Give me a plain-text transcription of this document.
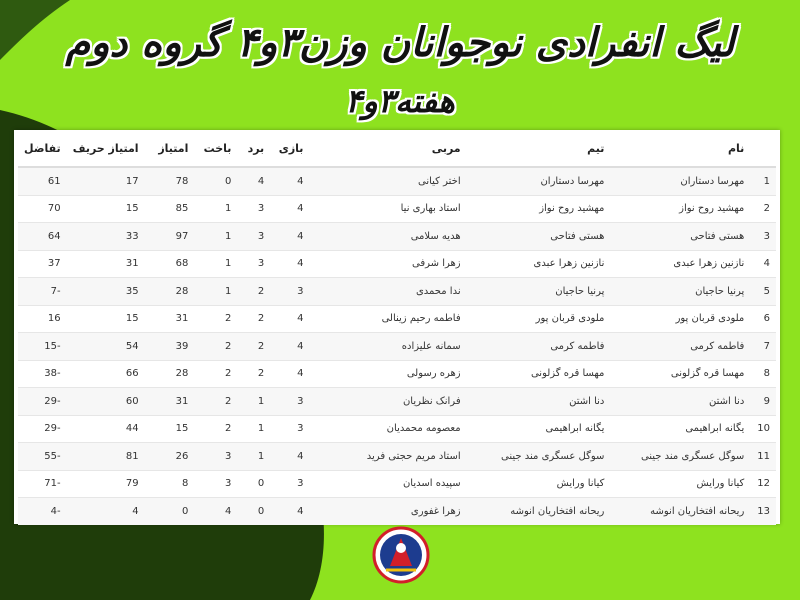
لیگ انفرادی نوجوانان وزن۳و۴ گروه دوم
هفته۳و۴
	نام	تیم	مربی	بازی	برد	باخت	امتیاز	امتیاز حریف	تفاضل
1	مهرسا دستاران	مهرسا دستاران	اختر کیانی	4	4	0	78	17	61
2	مهشید روح نواز	مهشید روح نواز	استاد بهاری نیا	4	3	1	85	15	70
3	هستی فتاحی	هستی فتاحی	هدیه سلامی	4	3	1	97	33	64
4	نازنین زهرا عبدی	نازنین زهرا عبدی	زهرا شرفی	4	3	1	68	31	37
5	پرنیا حاجیان	پرنیا حاجیان	ندا محمدی	3	2	1	28	35	-7
6	ملودی قربان پور	ملودی قربان پور	فاطمه رحیم زینالی	4	2	2	31	15	16
7	فاطمه کرمی	فاطمه کرمی	سمانه علیزاده	4	2	2	39	54	-15
8	مهسا قره گزلونی	مهسا قره گزلونی	زهره رسولی	4	2	2	28	66	-38
9	دنا اشتن	دنا اشتن	فرانک نظریان	3	1	2	31	60	-29
10	یگانه ابراهیمی	یگانه ابراهیمی	معصومه محمدیان	3	1	2	15	44	-29
11	سوگل عسگری مند جینی	سوگل عسگری مند جینی	استاد مریم حجتی فرید	4	1	3	26	81	-55
12	کیانا ورایش	کیانا ورایش	سپیده اسدیان	3	0	3	8	79	-71
13	ریحانه افتخاریان انوشه	ریحانه افتخاریان انوشه	زهرا غفوری	4	0	4	0	4	-4
